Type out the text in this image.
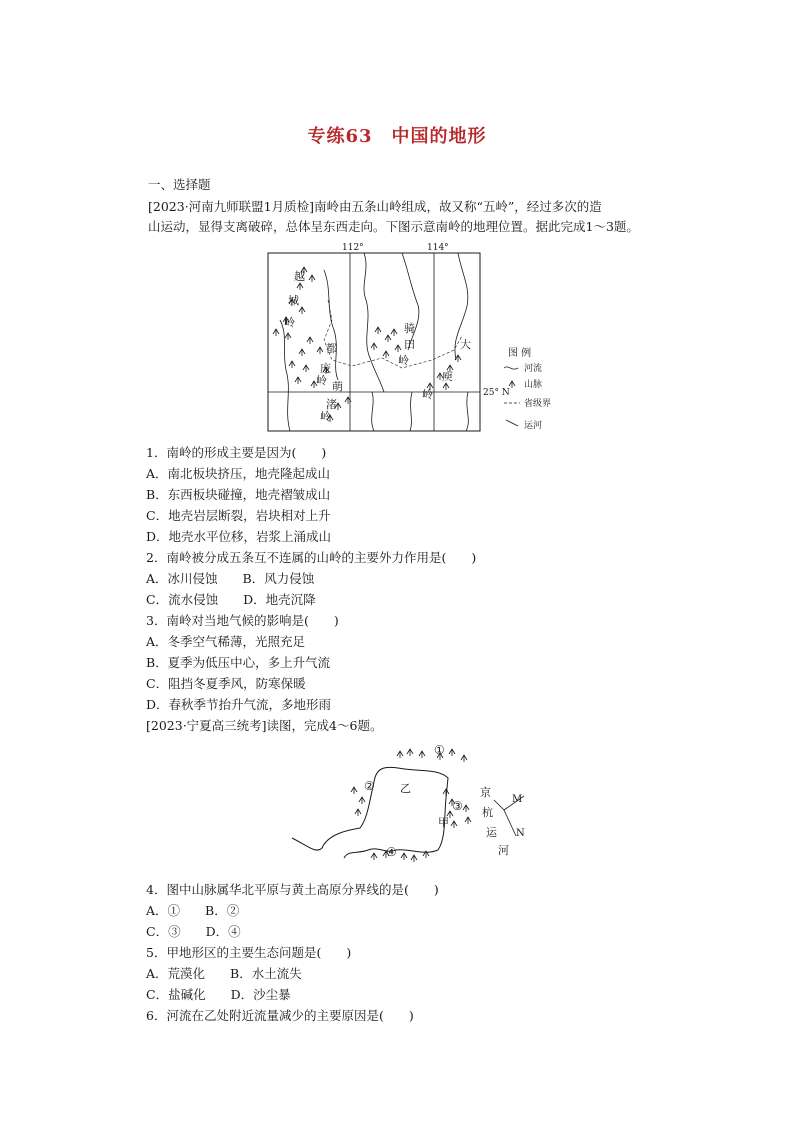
专练63　中国的地形
一、选择题
[2023·河南九师联盟1月质检]南岭由五条山岭组成，故又称“五岭”，经过多次的造
山运动，显得支离破碎，总体呈东西走向。下图示意南岭的地理位置。据此完成1～3题。
112°	114°
25° N
越
城
岭
都
庞
岭
骑
田
岭
萌
渚
岭
大
庾
岭
图 例
河流
山脉
省级界
运河
1．南岭的形成主要是因为(　　)
A．南北板块挤压，地壳隆起成山
B．东西板块碰撞，地壳褶皱成山
C．地壳岩层断裂，岩块相对上升
D．地壳水平位移，岩浆上涌成山
2．南岭被分成五条互不连属的山岭的主要外力作用是(　　)
A．冰川侵蚀　　B．风力侵蚀
C．流水侵蚀　　D．地壳沉降
3．南岭对当地气候的影响是(　　)
A．冬季空气稀薄，光照充足
B．夏季为低压中心，多上升气流
C．阻挡冬夏季风，防寒保暖
D．春秋季节抬升气流，多地形雨
[2023·宁夏高三统考]读图，完成4～6题。
①
② 乙
③
甲
④
京
杭
运
河
M
N
4．图中山脉属华北平原与黄土高原分界线的是(　　)
A．①　　B．②
C．③　　D．④
5．甲地形区的主要生态问题是(　　)
A．荒漠化　　B．水土流失
C．盐碱化　　D．沙尘暴
6．河流在乙处附近流量减少的主要原因是(　　)
